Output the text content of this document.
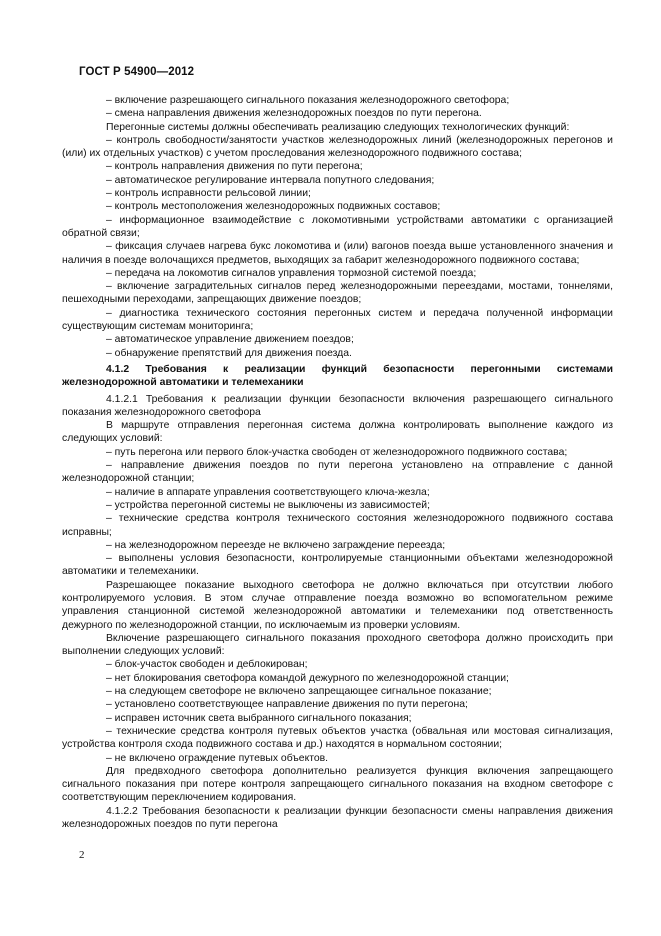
ГОСТ Р 54900—2012

– включение разрешающего сигнального показания железнодорожного светофора;

– смена направления движения железнодорожных поездов по пути перегона.

Перегонные системы должны обеспечивать реализацию следующих технологических функций:

– контроль свободности/занятости участков железнодорожных линий (железнодорожных перегонов и (или) их отдельных участков) с учетом проследования железнодорожного подвижного состава;

– контроль направления движения по пути перегона;

– автоматическое регулирование интервала попутного следования;

– контроль исправности рельсовой линии;

– контроль местоположения железнодорожных подвижных составов;

– информационное взаимодействие с локомотивными устройствами автоматики с организацией обратной связи;

– фиксация случаев нагрева букс локомотива и (или) вагонов поезда выше установленного значения и наличия в поезде волочащихся предметов, выходящих за габарит железнодорожного подвижного состава;

– передача на локомотив сигналов управления тормозной системой поезда;

– включение заградительных сигналов перед железнодорожными переездами, мостами, тоннелями, пешеходными переходами, запрещающих движение поездов;

– диагностика технического состояния перегонных систем и передача полученной информации существующим системам мониторинга;

– автоматическое управление движением поездов;

– обнаружение препятствий для движения поезда.

4.1.2 Требования к реализации функций безопасности перегонными системами железнодорожной автоматики и телемеханики

4.1.2.1 Требования к реализации функции безопасности включения разрешающего сигнального показания железнодорожного светофора

В маршруте отправления перегонная система должна контролировать выполнение каждого из следующих условий:

– путь перегона или первого блок-участка свободен от железнодорожного подвижного состава;

– направление движения поездов по пути перегона установлено на отправление с данной железнодорожной станции;

– наличие в аппарате управления соответствующего ключа-жезла;

– устройства перегонной системы не выключены из зависимостей;

– технические средства контроля технического состояния железнодорожного подвижного состава исправны;

– на железнодорожном переезде не включено заграждение переезда;

– выполнены условия безопасности, контролируемые станционными объектами железнодорожной автоматики и телемеханики.

Разрешающее показание выходного светофора не должно включаться при отсутствии любого контролируемого условия. В этом случае отправление поезда возможно во вспомогательном режиме управления станционной системой железнодорожной автоматики и телемеханики под ответственность дежурного по железнодорожной станции, по исключаемым из проверки условиям.

Включение разрешающего сигнального показания проходного светофора должно происходить при выполнении следующих условий:

– блок-участок свободен и деблокирован;

– нет блокирования светофора командой дежурного по железнодорожной станции;

– на следующем светофоре не включено запрещающее сигнальное показание;

– установлено соответствующее направление движения по пути перегона;

– исправен источник света выбранного сигнального показания;

– технические средства контроля путевых объектов участка (обвальная или мостовая сигнализация, устройства контроля схода подвижного состава и др.) находятся в нормальном состоянии;

– не включено ограждение путевых объектов.

Для предвходного светофора дополнительно реализуется функция включения запрещающего сигнального показания при потере контроля запрещающего сигнального показания на входном светофоре с соответствующим переключением кодирования.

4.1.2.2 Требования безопасности к реализации функции безопасности смены направления движения железнодорожных поездов по пути перегона

2
